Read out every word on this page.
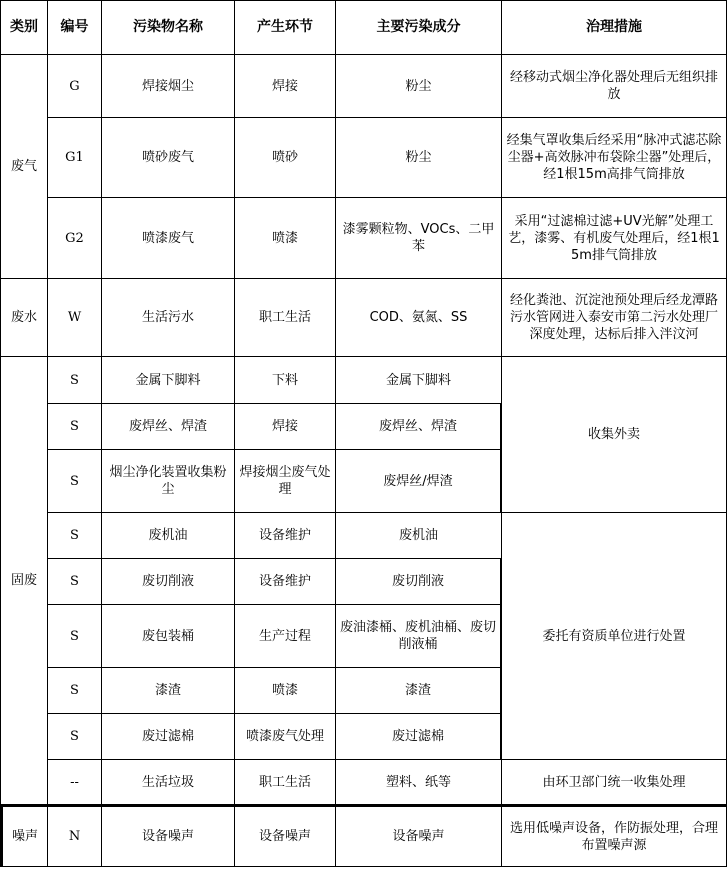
类别	编号	污染物名称	产生环节	主要污染成分	治理措施
废气	G	焊接烟尘	焊接	粉尘	经移动式烟尘净化器处理后无组织排放
	G1	喷砂废气	喷砂	粉尘	经集气罩收集后经采用“脉冲式滤芯除尘器+高效脉冲布袋除尘器”处理后，经1根15m高排气筒排放
	G2	喷漆废气	喷漆	漆雾颗粒物、VOCs、二甲苯	采用“过滤棉过滤+UV光解”处理工艺，漆雾、有机废气处理后，经1根15m排气筒排放
废水	W	生活污水	职工生活	COD、氨氮、SS	经化粪池、沉淀池预处理后经龙潭路污水管网进入泰安市第二污水处理厂深度处理，达标后排入泮汶河
固废	S	金属下脚料	下料	金属下脚料	收集外卖
	S	废焊丝、焊渣	焊接	废焊丝、焊渣	
	S	烟尘净化装置收集粉尘	焊接烟尘废气处理	废焊丝/焊渣	
	S	废机油	设备维护	废机油	委托有资质单位进行处置
	S	废切削液	设备维护	废切削液	
	S	废包装桶	生产过程	废油漆桶、废机油桶、废切削液桶	
	S	漆渣	喷漆	漆渣	
	S	废过滤棉	喷漆废气处理	废过滤棉	
	--	生活垃圾	职工生活	塑料、纸等	由环卫部门统一收集处理
噪声	N	设备噪声	设备噪声	设备噪声	选用低噪声设备，作防振处理，合理布置噪声源
